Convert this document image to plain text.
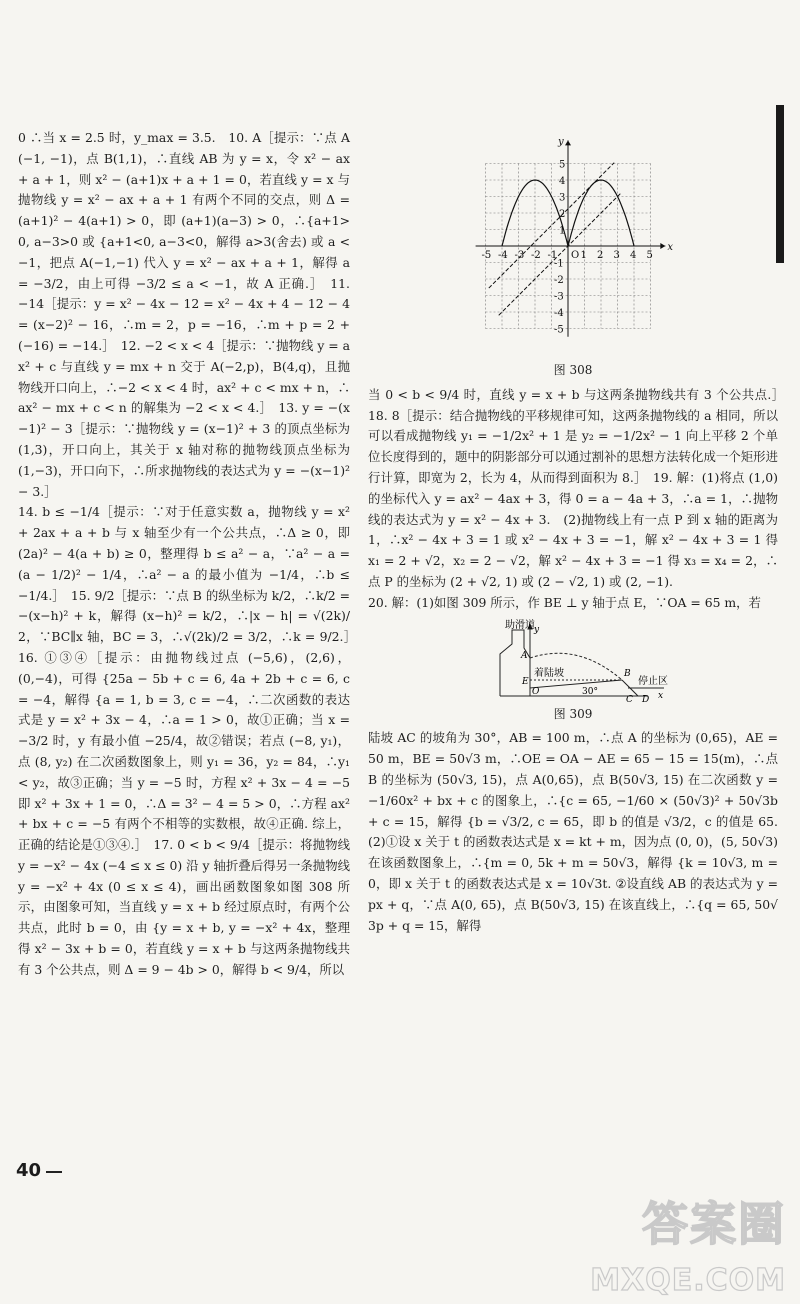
0 ∴当 x = 2.5 时，y_max = 3.5.　10. A［提示：∵点 A(−1, −1)，点 B(1,1)，∴直线 AB 为 y = x，令 x² − ax + a + 1，则 x² − (a+1)x + a + 1 = 0，若直线 y = x 与抛物线 y = x² − ax + a + 1 有两个不同的交点，则 Δ = (a+1)² − 4(a+1) > 0，即 (a+1)(a−3) > 0，∴{a+1>0, a−3>0 或 {a+1<0, a−3<0，解得 a>3(舍去) 或 a < −1，把点 A(−1,−1) 代入 y = x² − ax + a + 1，解得 a = −3/2，由上可得 −3/2 ≤ a < −1，故 A 正确.］　11. −14［提示：y = x² − 4x − 12 = x² − 4x + 4 − 12 − 4 = (x−2)² − 16，∴m = 2，p = −16，∴m + p = 2 + (−16) = −14.］　12. −2 < x < 4［提示：∵抛物线 y = ax² + c 与直线 y = mx + n 交于 A(−2,p)，B(4,q)，且抛物线开口向上，∴−2 < x < 4 时，ax² + c < mx + n，∴ax² − mx + c < n 的解集为 −2 < x < 4.］　13. y = −(x−1)² − 3［提示：∵抛物线 y = (x−1)² + 3 的顶点坐标为 (1,3)，开口向上，其关于 x 轴对称的抛物线顶点坐标为 (1,−3)，开口向下，∴所求抛物线的表达式为 y = −(x−1)² − 3.］

14. b ≤ −1/4［提示：∵对于任意实数 a，抛物线 y = x² + 2ax + a + b 与 x 轴至少有一个公共点，∴Δ ≥ 0，即 (2a)² − 4(a + b) ≥ 0，整理得 b ≤ a² − a，∵a² − a = (a − 1/2)² − 1/4，∴a² − a 的最小值为 −1/4，∴b ≤ −1/4.］　15. 9/2［提示：∵点 B 的纵坐标为 k/2，∴k/2 = −(x−h)² + k，解得 (x−h)² = k/2，∴|x − h| = √(2k)/2，∵BC∥x 轴，BC = 3，∴√(2k)/2 = 3/2，∴k = 9/2.］　16. ①③④［提示：由抛物线过点 (−5,6)，(2,6)，(0,−4)，可得 {25a − 5b + c = 6, 4a + 2b + c = 6, c = −4，解得 {a = 1, b = 3, c = −4，∴二次函数的表达式是 y = x² + 3x − 4，∴a = 1 > 0，故①正确；当 x = −3/2 时，y 有最小值 −25/4，故②错误；若点 (−8, y₁)，点 (8, y₂) 在二次函数图象上，则 y₁ = 36，y₂ = 84，∴y₁ < y₂，故③正确；当 y = −5 时，方程 x² + 3x − 4 = −5 即 x² + 3x + 1 = 0，∴Δ = 3² − 4 = 5 > 0，∴方程 ax² + bx + c = −5 有两个不相等的实数根，故④正确. 综上，正确的结论是①③④.］　17. 0 < b < 9/4［提示：将抛物线 y = −x² − 4x (−4 ≤ x ≤ 0) 沿 y 轴折叠后得另一条抛物线 y = −x² + 4x (0 ≤ x ≤ 4)，画出函数图象如图 308 所示，由图象可知，当直线 y = x + b 经过原点时，有两个公共点，此时 b = 0，由 {y = x + b, y = −x² + 4x，整理得 x² − 3x + b = 0，若直线 y = x + b 与这两条抛物线共有 3 个公共点，则 Δ = 9 − 4b > 0，解得 b < 9/4，所以

-5 -4 -3 -2 -1 O 1 2 3 4 5
5
4
3
2
1
-1
-2
-3
-4
-5
x
y
图 308

当 0 < b < 9/4 时，直线 y = x + b 与这两条抛物线共有 3 个公共点.］　18. 8［提示：结合抛物线的平移规律可知，这两条抛物线的 a 相同，所以可以看成抛物线 y₁ = −1/2x² + 1 是 y₂ = −1/2x² − 1 向上平移 2 个单位长度得到的，题中的阴影部分可以通过割补的思想方法转化成一个矩形进行计算，即宽为 2，长为 4，从而得到面积为 8.］　19. 解：(1)将点 (1,0) 的坐标代入 y = ax² − 4ax + 3，得 0 = a − 4a + 3，∴a = 1，∴抛物线的表达式为 y = x² − 4x + 3.　(2)抛物线上有一点 P 到 x 轴的距离为 1，∴x² − 4x + 3 = 1 或 x² − 4x + 3 = −1，解 x² − 4x + 3 = 1 得 x₁ = 2 + √2，x₂ = 2 − √2，解 x² − 4x + 3 = −1 得 x₃ = x₄ = 2，∴点 P 的坐标为 (2 + √2, 1) 或 (2 − √2, 1) 或 (2, −1).

20. 解：(1)如图 309 所示，作 BE ⊥ y 轴于点 E，∵OA = 65 m，若

助滑道
A
y
着陆坡	B
E
O	30°
停止区
C D x
图 309

陆坡 AC 的坡角为 30°，AB = 100 m，∴点 A 的坐标为 (0,65)，AE = 50 m，BE = 50√3 m，∴OE = OA − AE = 65 − 15 = 15(m)，∴点 B 的坐标为 (50√3, 15)，点 A(0,65)，点 B(50√3, 15) 在二次函数 y = −1/60x² + bx + c 的图象上，∴{c = 65, −1/60 × (50√3)² + 50√3b + c = 15，解得 {b = √3/2, c = 65，即 b 的值是 √3/2，c 的值是 65.　(2)①设 x 关于 t 的函数表达式是 x = kt + m，因为点 (0, 0)，(5, 50√3) 在该函数图象上，∴{m = 0, 5k + m = 50√3，解得 {k = 10√3, m = 0，即 x 关于 t 的函数表达式是 x = 10√3t. ②设直线 AB 的表达式为 y = px + q，∵点 A(0, 65)，点 B(50√3, 15) 在该直线上，∴{q = 65, 50√3p + q = 15，解得

40
答案圈
MXQE.COM
